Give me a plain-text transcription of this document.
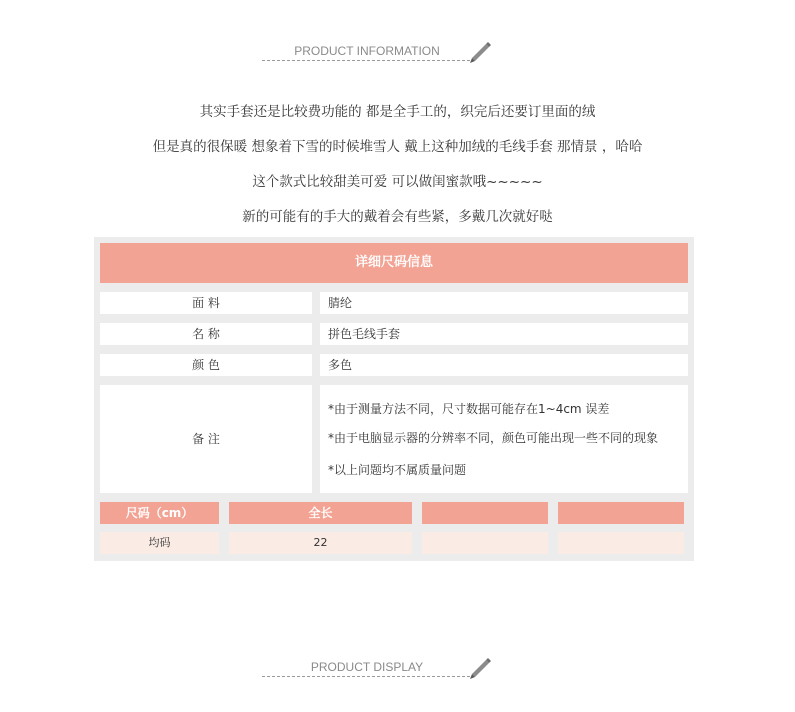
PRODUCT INFORMATION
其实手套还是比较费功能的 都是全手工的，织完后还要订里面的绒
但是真的很保暖 想象着下雪的时候堆雪人 戴上这种加绒的毛线手套 那情景 ，哈哈
这个款式比较甜美可爱 可以做闺蜜款哦~~~~~
新的可能有的手大的戴着会有些紧，多戴几次就好哒
详细尺码信息
面 料	腈纶
名 称	拼色毛线手套
颜 色	多色
备 注
*由于测量方法不同，尺寸数据可能存在1~4cm 误差
*由于电脑显示器的分辨率不同，颜色可能出现一些不同的现象
*以上问题均不属质量问题
尺码（cm）	全长
均码	22
PRODUCT DISPLAY
